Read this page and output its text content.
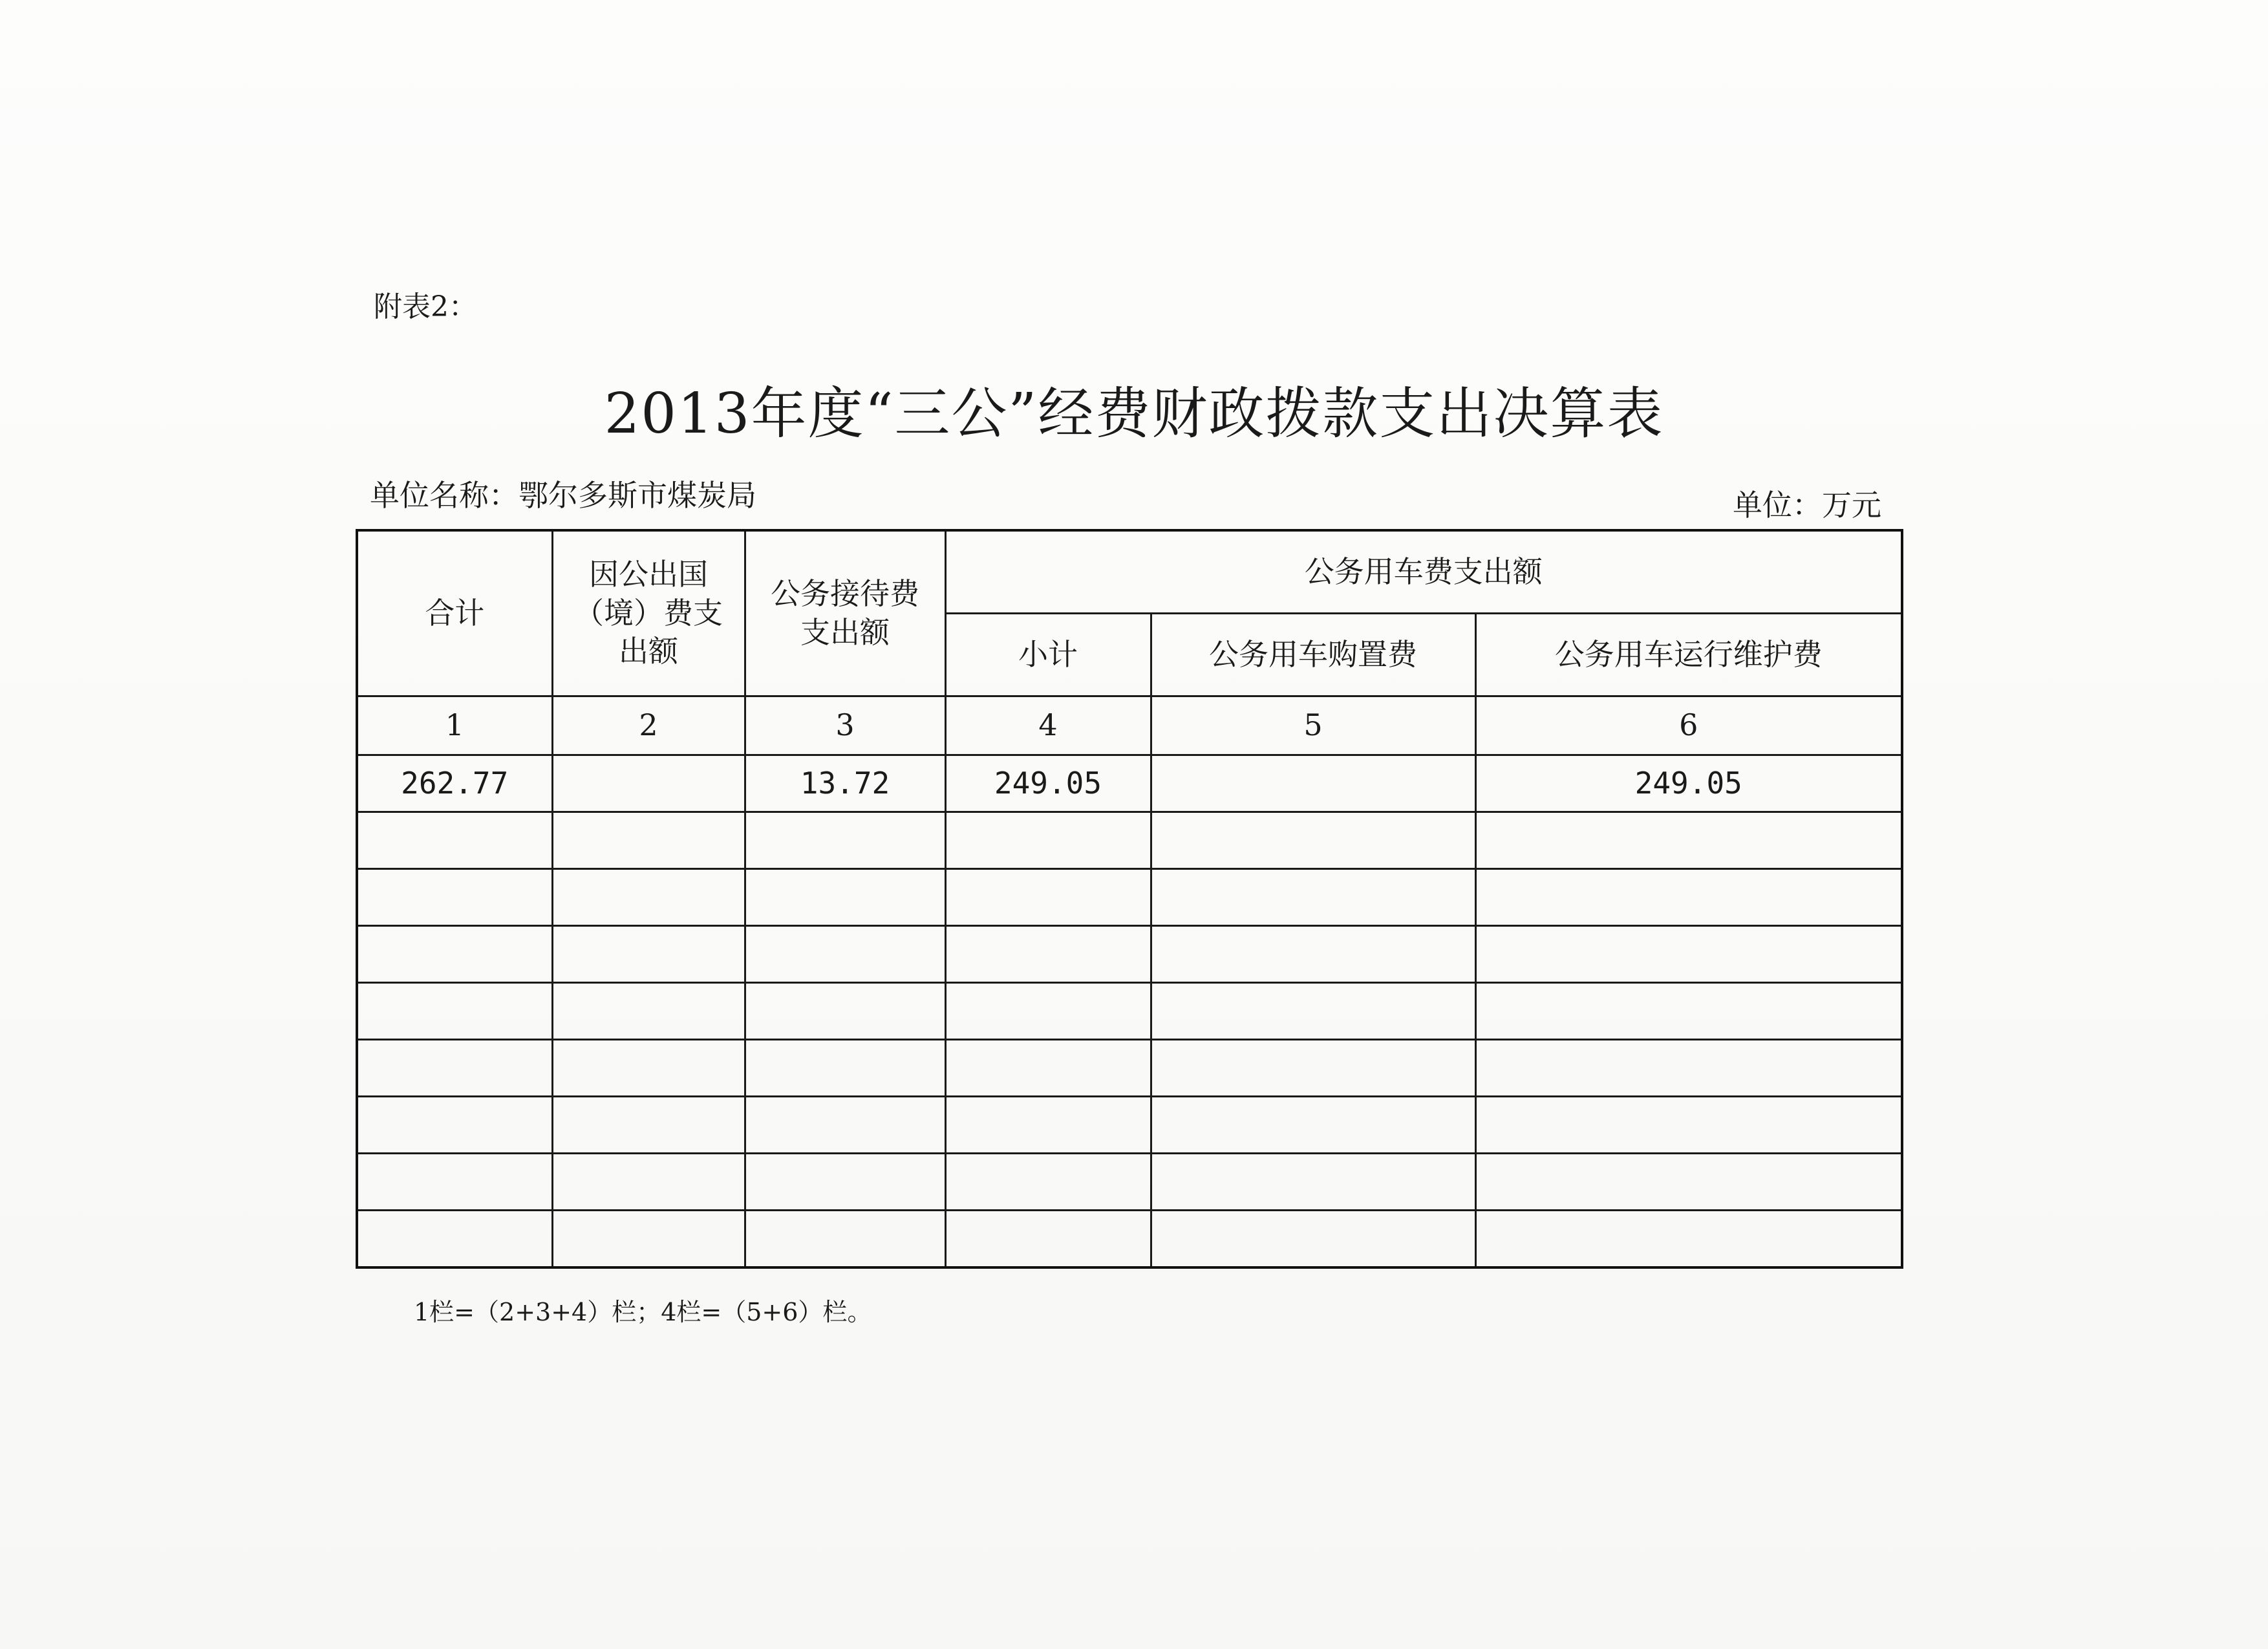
附表2：
2013年度“三公”经费财政拨款支出决算表
单位名称：鄂尔多斯市煤炭局	单位：万元
合计	因公出国（境）费支出额	公务接待费支出额	公务用车费支出额		
			小计	公务用车购置费	公务用车运行维护费
1	2	3	4	5	6
262.77		13.72	249.05		249.05

1栏=（2+3+4）栏；4栏=（5+6）栏。
